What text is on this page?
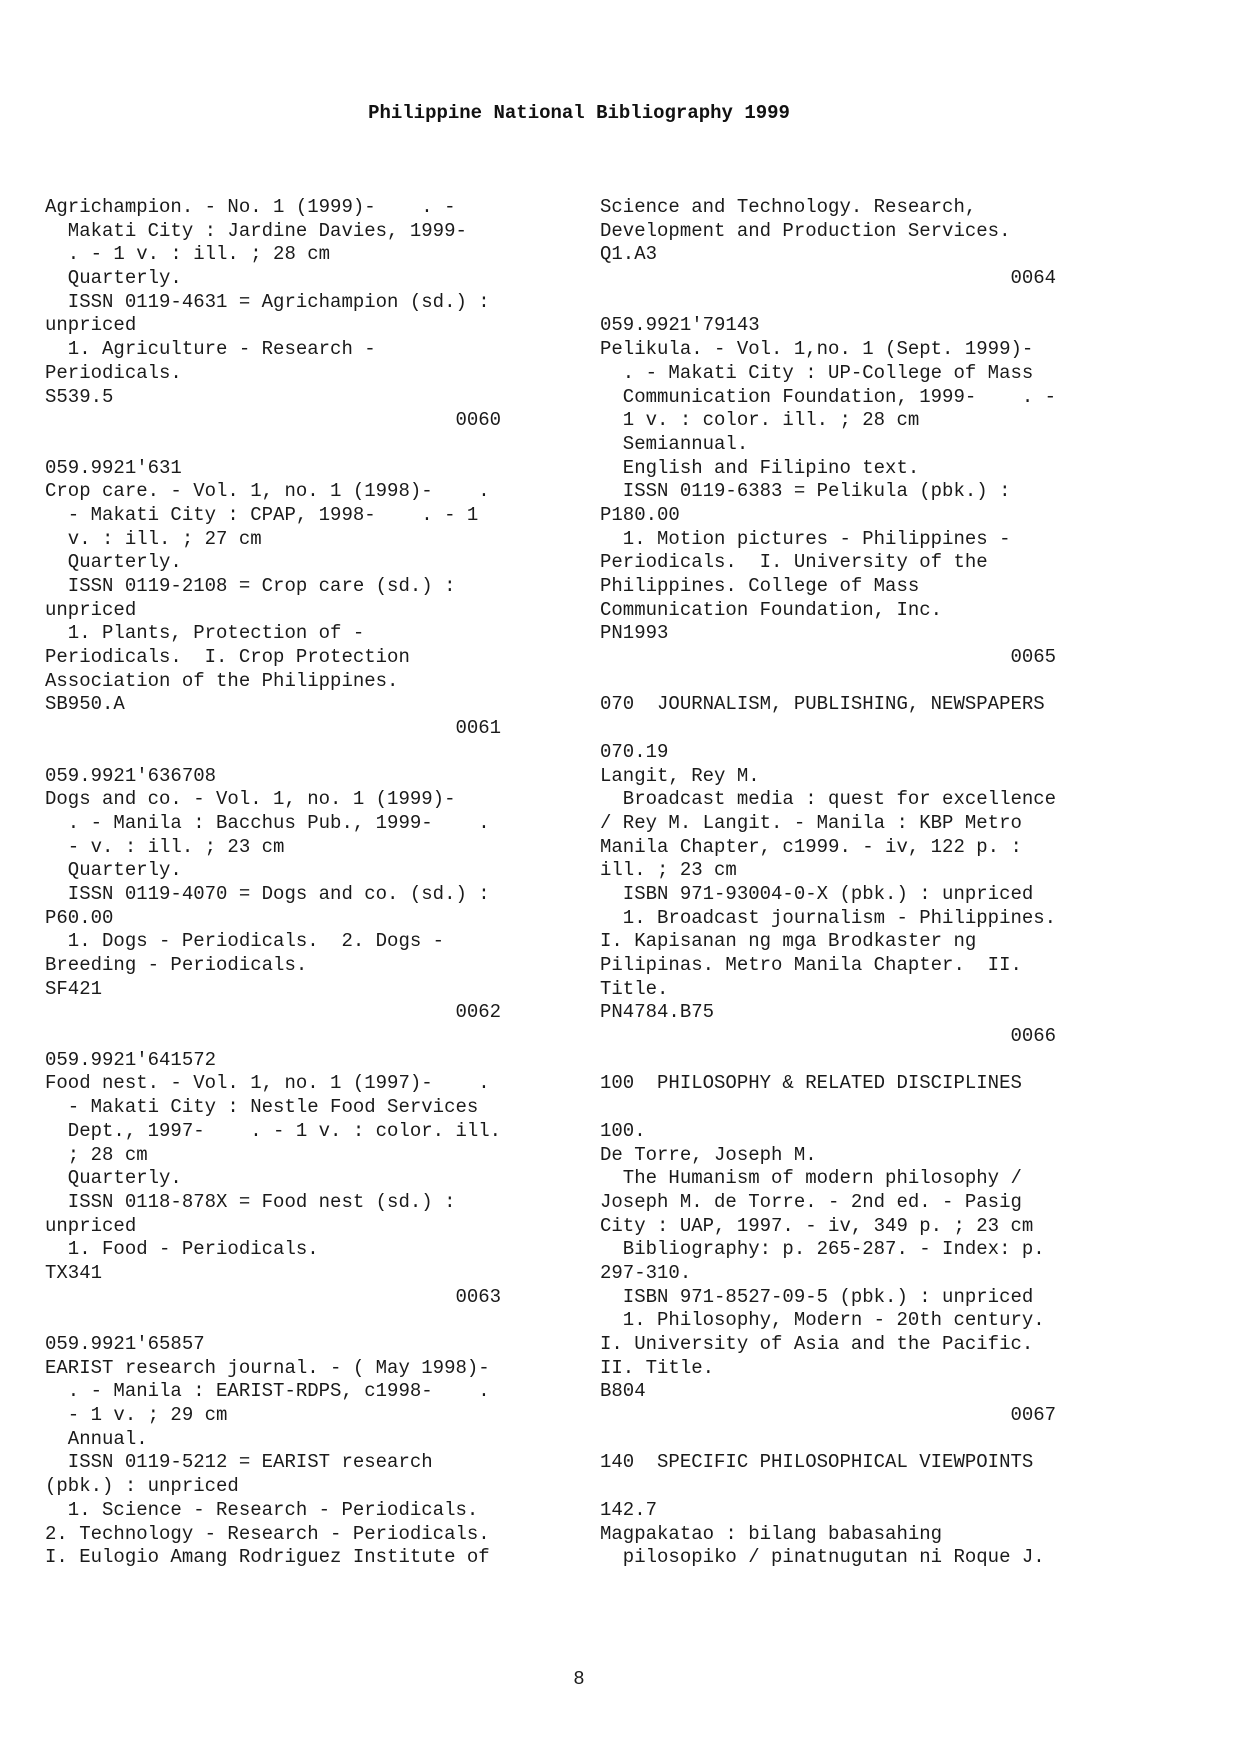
Philippine National Bibliography 1999
Agrichampion. - No. 1 (1999)-    . -
Makati City : Jardine Davies, 1999-
. - 1 v. : ill. ; 28 cm
Quarterly.
ISSN 0119-4631 = Agrichampion (sd.) :
unpriced
1. Agriculture - Research -
Periodicals.
S539.5
0060
059.9921'631
Crop care. - Vol. 1, no. 1 (1998)-    .
- Makati City : CPAP, 1998-    . - 1
v. : ill. ; 27 cm
Quarterly.
ISSN 0119-2108 = Crop care (sd.) :
unpriced
1. Plants, Protection of -
Periodicals.  I. Crop Protection
Association of the Philippines.
SB950.A
0061
059.9921'636708
Dogs and co. - Vol. 1, no. 1 (1999)-
. - Manila : Bacchus Pub., 1999-    .
- v. : ill. ; 23 cm
Quarterly.
ISSN 0119-4070 = Dogs and co. (sd.) :
P60.00
1. Dogs - Periodicals.  2. Dogs -
Breeding - Periodicals.
SF421
0062
059.9921'641572
Food nest. - Vol. 1, no. 1 (1997)-    .
- Makati City : Nestle Food Services
Dept., 1997-    . - 1 v. : color. ill.
; 28 cm
Quarterly.
ISSN 0118-878X = Food nest (sd.) :
unpriced
1. Food - Periodicals.
TX341
0063
059.9921'65857
EARIST research journal. - ( May 1998)-
. - Manila : EARIST-RDPS, c1998-    .
- 1 v. ; 29 cm
Annual.
ISSN 0119-5212 = EARIST research
(pbk.) : unpriced
1. Science - Research - Periodicals.
2. Technology - Research - Periodicals.
I. Eulogio Amang Rodriguez Institute of
Science and Technology. Research,
Development and Production Services.
Q1.A3
0064
059.9921'79143
Pelikula. - Vol. 1,no. 1 (Sept. 1999)-
. - Makati City : UP-College of Mass
Communication Foundation, 1999-    . -
1 v. : color. ill. ; 28 cm
Semiannual.
English and Filipino text.
ISSN 0119-6383 = Pelikula (pbk.) :
P180.00
1. Motion pictures - Philippines -
Periodicals.  I. University of the
Philippines. College of Mass
Communication Foundation, Inc.
PN1993
0065
070  JOURNALISM, PUBLISHING, NEWSPAPERS
070.19
Langit, Rey M.
Broadcast media : quest for excellence
/ Rey M. Langit. - Manila : KBP Metro
Manila Chapter, c1999. - iv, 122 p. :
ill. ; 23 cm
ISBN 971-93004-0-X (pbk.) : unpriced
1. Broadcast journalism - Philippines.
I. Kapisanan ng mga Brodkaster ng
Pilipinas. Metro Manila Chapter.  II.
Title.
PN4784.B75
0066
100  PHILOSOPHY & RELATED DISCIPLINES
100.
De Torre, Joseph M.
The Humanism of modern philosophy /
Joseph M. de Torre. - 2nd ed. - Pasig
City : UAP, 1997. - iv, 349 p. ; 23 cm
Bibliography: p. 265-287. - Index: p.
297-310.
ISBN 971-8527-09-5 (pbk.) : unpriced
1. Philosophy, Modern - 20th century.
I. University of Asia and the Pacific.
II. Title.
B804
0067
140  SPECIFIC PHILOSOPHICAL VIEWPOINTS
142.7
Magpakatao : bilang babasahing
pilosopiko / pinatnugutan ni Roque J.
8
